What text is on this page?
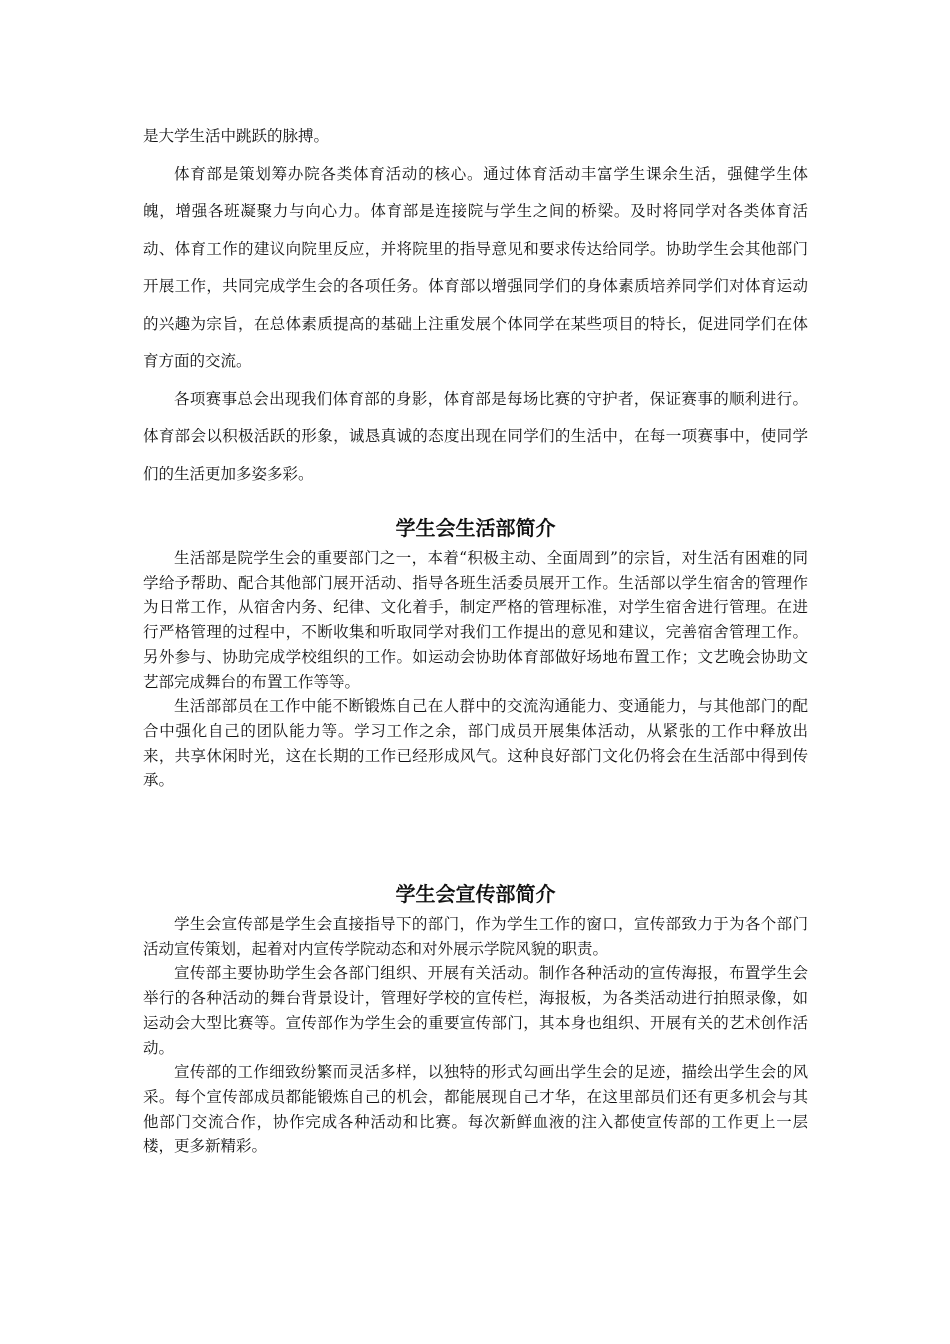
是大学生活中跳跃的脉搏。

体育部是策划筹办院各类体育活动的核心。通过体育活动丰富学生课余生活，强健学生体魄，增强各班凝聚力与向心力。体育部是连接院与学生之间的桥梁。及时将同学对各类体育活动、体育工作的建议向院里反应，并将院里的指导意见和要求传达给同学。协助学生会其他部门开展工作，共同完成学生会的各项任务。体育部以增强同学们的身体素质培养同学们对体育运动的兴趣为宗旨，在总体素质提高的基础上注重发展个体同学在某些项目的特长，促进同学们在体育方面的交流。

各项赛事总会出现我们体育部的身影，体育部是每场比赛的守护者，保证赛事的顺利进行。体育部会以积极活跃的形象，诚恳真诚的态度出现在同学们的生活中，在每一项赛事中，使同学们的生活更加多姿多彩。

学生会生活部简介

生活部是院学生会的重要部门之一，本着“积极主动、全面周到”的宗旨，对生活有困难的同学给予帮助、配合其他部门展开活动、指导各班生活委员展开工作。生活部以学生宿舍的管理作为日常工作，从宿舍内务、纪律、文化着手，制定严格的管理标准，对学生宿舍进行管理。在进行严格管理的过程中，不断收集和听取同学对我们工作提出的意见和建议，完善宿舍管理工作。另外参与、协助完成学校组织的工作。如运动会协助体育部做好场地布置工作；文艺晚会协助文艺部完成舞台的布置工作等等。

生活部部员在工作中能不断锻炼自己在人群中的交流沟通能力、变通能力，与其他部门的配合中强化自己的团队能力等。学习工作之余，部门成员开展集体活动，从紧张的工作中释放出来，共享休闲时光，这在长期的工作已经形成风气。这种良好部门文化仍将会在生活部中得到传承。

学生会宣传部简介

学生会宣传部是学生会直接指导下的部门，作为学生工作的窗口，宣传部致力于为各个部门活动宣传策划，起着对内宣传学院动态和对外展示学院风貌的职责。

宣传部主要协助学生会各部门组织、开展有关活动。制作各种活动的宣传海报，布置学生会举行的各种活动的舞台背景设计，管理好学校的宣传栏，海报板，为各类活动进行拍照录像，如运动会大型比赛等。宣传部作为学生会的重要宣传部门，其本身也组织、开展有关的艺术创作活动。

宣传部的工作细致纷繁而灵活多样，以独特的形式勾画出学生会的足迹，描绘出学生会的风采。每个宣传部成员都能锻炼自己的机会，都能展现自己才华，在这里部员们还有更多机会与其他部门交流合作，协作完成各种活动和比赛。每次新鲜血液的注入都使宣传部的工作更上一层楼，更多新精彩。
